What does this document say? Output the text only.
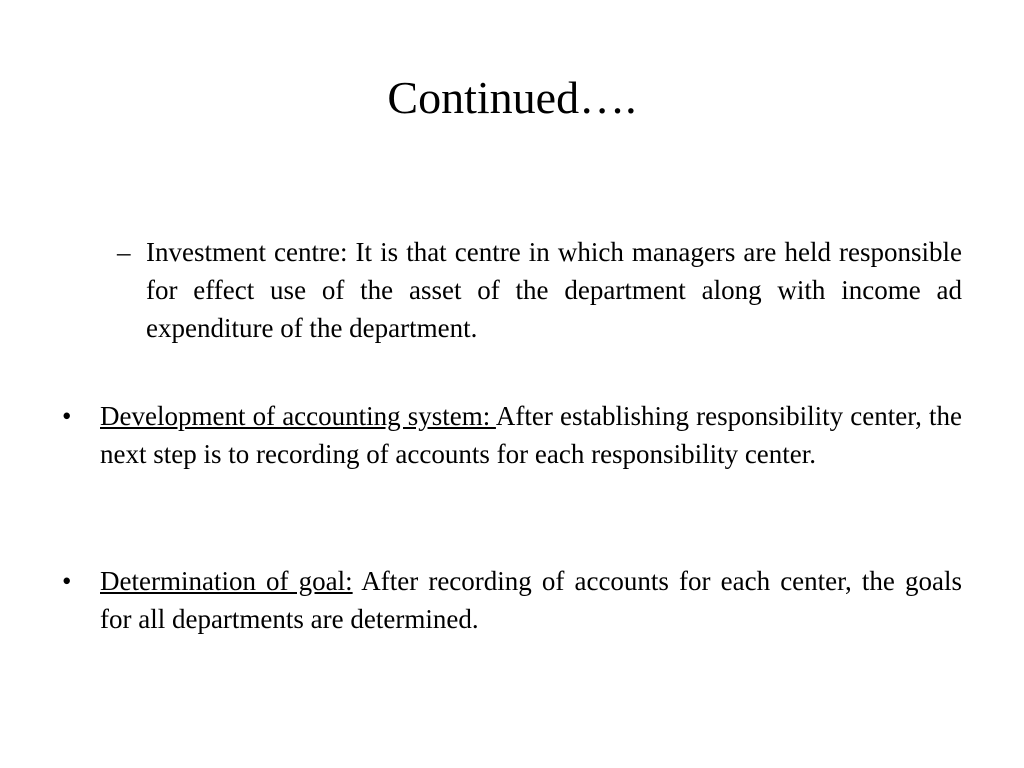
Continued….
– Investment centre: It is that centre in which managers are held responsible for effect use of the asset of the department along with income ad expenditure of the department.
• Development of accounting system: After establishing responsibility center, the next step is to recording of accounts for each responsibility center.
• Determination of goal: After recording of accounts for each center, the goals for all departments are determined.
